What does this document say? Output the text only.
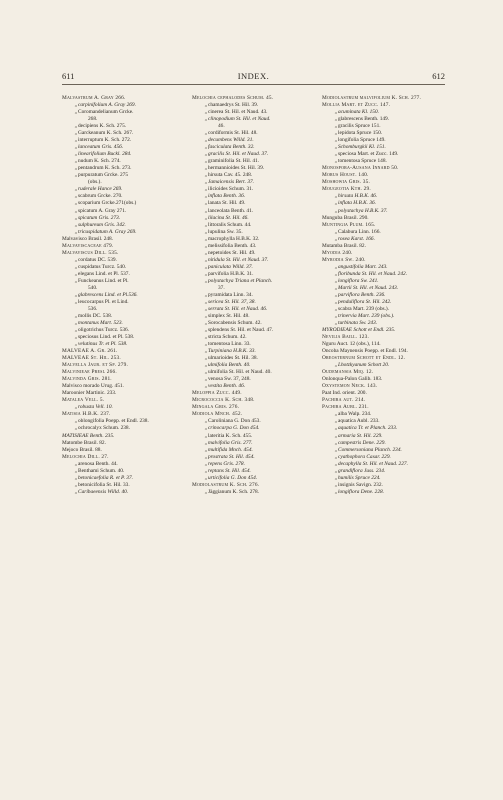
611	INDEX.	612
Malvastrum A. Gray 266.
„carpinifolium A. Gray 269.
„Coromandelianum Grcke.
268.
„decipiens K. Sch. 275.
„Garckeanum K. Sch. 267.
„interruptum K. Sch. 272.
„lanceatum Gris. 456.
„linearifolium Buckl. 284.
„nudum K. Sch. 274.
„pentandrum K. Sch. 273.
„purpuratum Grcke. 275
(obs.).
„ruderale Hance 269.
„scabrum Grcke. 270.
„scoparium Grcke.271(obs.)
„spicatum A. Gray 271.
„spicatum Gris. 273.
„sulphureum Gris. 342.
„tricuspidatum A. Gray 269.
Malvavisco Brasil. 248.
Malvaviscaceae 479.
Malvaviscus Dill. 535.
„cordatus DC. 539.
„cuspidatus Turcz. 540.
„elegans Lind. et Pl. 537.
„Funckeanus Lind. et Pl.
540.
„glabrescens Lind. et Pl.536.
„leucocarpus Pl. et Lind.
536.
„mollis DC. 538.
„montanus Mart. 523.
„oligotrichus Turcz. 536.
„speciosus Lind. et Pl. 538.
„velutinus Tr. et Pl. 538.
MALVEAE A. Gr. 261.
MALVEAE St. Hil. 253.
Malvella Jaub. et Sp. 279.
Malvinieae Presl 266.
Malvinda Gris. 281.
Malvisco morado Urug. 451.
Maroonier Martinic. 233.
Matalea Vell. 5.
„robusta Vell. 10.
Matisia H.B.K. 237.
„oblongifolia Poepp. et Endl. 238.
„ochrocalyx Schum. 238.
MATISIEAE Benth. 235.
Matombe Brasil. 82.
Mejoco Brasil. 88.
Melochia Dill. 27.
„arenosa Benth. 44.
„Benthami Schum. 40.
„betonicaefolia R. et P. 37.
„betonicifolia St. Hil. 33.
„Caribaeensis Willd. 40.
Melochia cephalodes Schum. 45.
„chamaedrys St. Hil. 39.
„cinerea St. Hil. et Naud. 43.
„clinopodium St. Hil. et Naud.
46.
„cordiformis St. Hil. 48.
„decumbens Willd. 31.
„fasciculata Benth. 32.
„gracilis St. Hil. et Naud. 37.
„graminifolia St. Hil. 41.
„hermannioides St. Hil. 39.
„hirsuta Cav. 45. 248.
„Jamaicensis Bert. 37.
„ilicioides Schum. 31.
„inflata Benth. 36.
„lanata St. Hil. 49.
„lanceolata Benth. 41.
„lilacina St. Hil. 46.
„littoralis Schum. 44.
„lupulina Sw. 35.
„macrophylla H.B.K. 32.
„melissifolia Benth. 43.
„nepetoides St. Hil. 49.
„nitidula St. Hil. et Naud. 37.
„paniculata Willd. 37.
„parvifolia H.B.K. 31.
„polystachya Triana et Planch.
37.
„pyramidata Linn. 34.
„sericea St. Hil. 37, 38.
„serrata St. Hil. et Naud. 46.
„simplex St. Hil. 48.
„Sorocabensis Schum. 42.
„splendens St. Hil. et Naud. 47.
„stricta Schum. 42.
„tomentosa Linn. 33.
„Turpiniana H.B.K. 33.
„ulmarioides St. Hil. 38.
„ulmifolia Benth. 40.
„ulmifolia St. Hil. et Naud. 40.
„venosa Sw. 37, 248.
„vestita Benth. 46.
Meloppia Zucc. 449.
Micrococcia K. Sch. 348.
Mingala Gris. 276.
Modiola Mnch. 452.
„Caroliniana G. Don 453.
„crinocarpa G. Don 454.
„lateritia K. Sch. 455.
„malvifolia Gris. 277.
„multifida Mnch. 454.
„prostrata St. Hil. 454.
„repens Gris. 278.
„reptans St. Hil. 454.
„urticifolia G. Don 454.
Modiolastrum K. Sch. 276.
„Jäggianum K. Sch. 278.
Modiolastrum malvifolium K. Sch. 277.
Mollia Mart. et Zucc. 147.
„acuminata Kl. 150.
„glabrescens Benth. 149.
„gracilis Spruce 151.
„lepidota Spruce 150.
„longifolia Spruce 149.
„Schomburgkii Kl. 151.
„speciosa Mart. et Zucc. 149.
„tomentosa Spruce 148.
Monospora-Ausana Innard 50.
Morus Houst. 140.
Moshowia Gris. 35.
Mougeotia Kth. 29.
„hirsuta H.B.K. 46.
„inflata H.B.K. 36.
„polystachya H.B.K. 37.
Munguba Brasil. 290.
Muntingia Plum. 165.
„Calabura Linn. 166.
„rosea Karst. 166.
Mutamba Brasil. 82.
Myodia 240.
Myrodia Sw. 240.
„angustifolia Mart. 243.
„floribunda St. Hil. et Naud. 242.
„longiflora Sw. 241.
„Martii St. Hil. et Naud. 243.
„parviflora Benth. 236.
„penduliflora St. Hil. 242.
„scabra Mart. 239 (obs.).
„trinervia Mart. 239 (obs.).
„turbinata Sw. 243.
MYRODIEAE Schott et Endl. 235.
Nevilia Baill. 123.
Nguru Auct. 12 (obs.), 114.
Oncoba Maynensis Poepp. et Endl. 194.
Oreosternum Schott et Endl. 12.
„Lhotzkyanum Schott 20.
Oudemansia Miq. 12.
Onlonqua-Palon Galib. 183.
Oxystemon Neck. 143.
Paat Ind. orient. 200.
Pachira aut. 214.
Pachira Aubl. 231.
„alba Walp. 234.
„aquatica Aubl. 233.
„aquatica Tr. et Planch. 233.
„armaria St. Hil. 229.
„campestris Dene. 229.
„Commersoniana Planch. 234.
„cyathophora Casar. 229.
„decaphylla St. Hil. et Naud. 227.
„grandiflora Juss. 234.
„humilis Spruce 224.
„insignis Savign. 232.
„longiflora Dene. 228.
